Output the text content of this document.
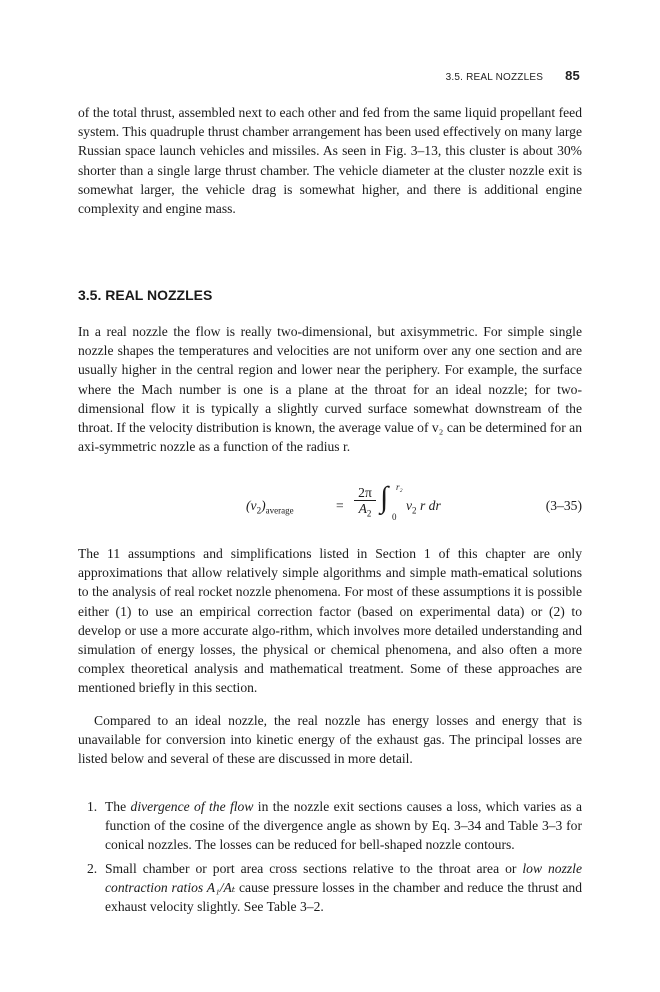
3.5. REAL NOZZLES 85

of the total thrust, assembled next to each other and fed from the same liquid propellant feed system. This quadruple thrust chamber arrangement has been used effectively on many large Russian space launch vehicles and missiles. As seen in Fig. 3–13, this cluster is about 30% shorter than a single large thrust chamber. The vehicle diameter at the cluster nozzle exit is somewhat larger, the vehicle drag is somewhat higher, and there is additional engine complexity and engine mass.

3.5. REAL NOZZLES

In a real nozzle the flow is really two-dimensional, but axisymmetric. For simple single nozzle shapes the temperatures and velocities are not uniform over any one section and are usually higher in the central region and lower near the periphery. For example, the surface where the Mach number is one is a plane at the throat for an ideal nozzle; for two-dimensional flow it is typically a slightly curved surface somewhat downstream of the throat. If the velocity distribution is known, the average value of v₂ can be determined for an axi-symmetric nozzle as a function of the radius r.

$(v_2)_{average}$	= $\frac{2\pi}{A_2}$ ∫ r₂
0
$v_2$ r dr	(3–35)

The 11 assumptions and simplifications listed in Section 1 of this chapter are only approximations that allow relatively simple algorithms and simple math-ematical solutions to the analysis of real rocket nozzle phenomena. For most of these assumptions it is possible either (1) to use an empirical correction factor (based on experimental data) or (2) to develop or use a more accurate algo-rithm, which involves more detailed understanding and simulation of energy losses, the physical or chemical phenomena, and also often a more complex theoretical analysis and mathematical treatment. Some of these approaches are mentioned briefly in this section.

Compared to an ideal nozzle, the real nozzle has energy losses and energy that is unavailable for conversion into kinetic energy of the exhaust gas. The principal losses are listed below and several of these are discussed in more detail.

1. The divergence of the flow in the nozzle exit sections causes a loss, which varies as a function of the cosine of the divergence angle as shown by Eq. 3–34 and Table 3–3 for conical nozzles. The losses can be reduced for bell-shaped nozzle contours.
2. Small chamber or port area cross sections relative to the throat area or low nozzle contraction ratios A₁/Aₜ cause pressure losses in the chamber and reduce the thrust and exhaust velocity slightly. See Table 3–2.
